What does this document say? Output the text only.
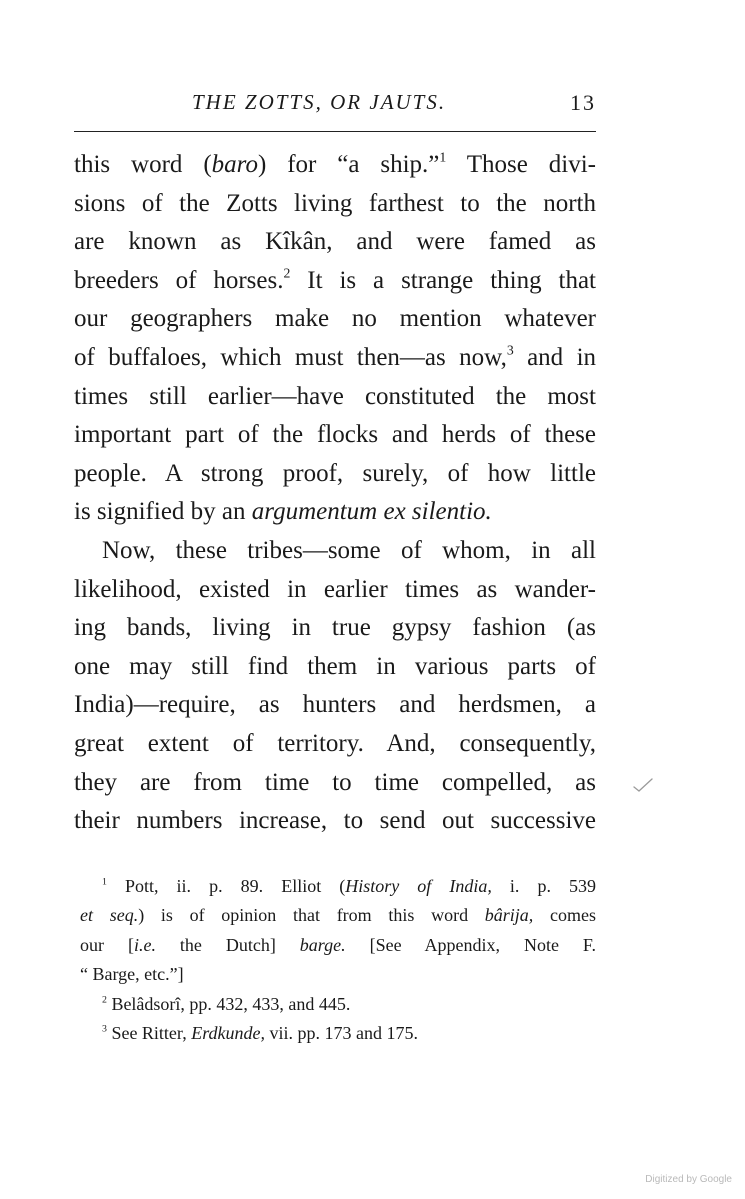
THE ZOTTS, OR JAUTS.	13
this word (baro) for “a ship.”$^1$ Those divi-
sions of the Zotts living farthest to the north
are known as Kîkân, and were famed as
breeders of horses.$^2$ It is a strange thing that
our geographers make no mention whatever
of buffaloes, which must then—as now,$^3$ and in
times still earlier—have constituted the most
important part of the flocks and herds of these
people. A strong proof, surely, of how little
is signified by an argumentum ex silentio.
Now, these tribes—some of whom, in all
likelihood, existed in earlier times as wander-
ing bands, living in true gypsy fashion (as
one may still find them in various parts of
India)—require, as hunters and herdsmen, a
great extent of territory. And, consequently,
they are from time to time compelled, as
their numbers increase, to send out successive
$^1$ Pott, ii. p. 89. Elliot (History of India, i. p. 539
et seq.) is of opinion that from this word bârija, comes
our [i.e. the Dutch] barge. [See Appendix, Note F.
“ Barge, etc.”]
$^2$ Belâdsorî, pp. 432, 433, and 445.
$^3$ See Ritter, Erdkunde, vii. pp. 173 and 175.
Digitized by Google
